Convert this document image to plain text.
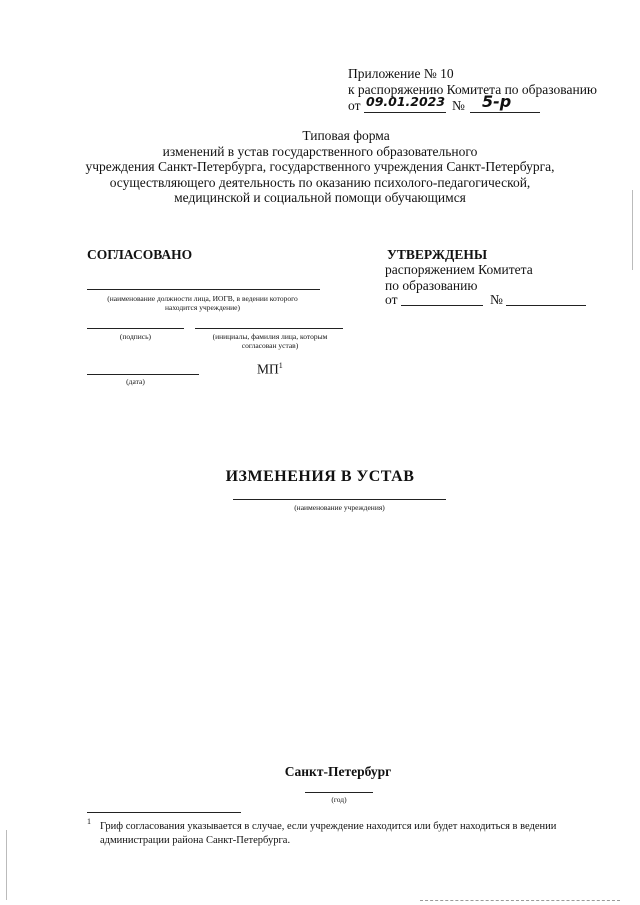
Приложение № 10
к распоряжению Комитета по образованию
от 09.01.2023 № 5-р
Типовая форма
изменений в устав государственного образовательного
учреждения Санкт-Петербурга, государственного учреждения Санкт-Петербурга,
осуществляющего деятельность по оказанию психолого-педагогической,
медицинской и социальной помощи обучающимся
СОГЛАСОВАНО
(наименование должности лица, ИОГВ, в ведении которого
находится учреждение)
(подпись)	(инициалы, фамилия лица, которым
согласован устав)
$МП^1$
(дата)
УТВЕРЖДЕНЫ
распоряжением Комитета
по образованию
от	№
ИЗМЕНЕНИЯ В УСТАВ
(наименование учреждения)
Санкт-Петербург
(год)
1 Гриф согласования указывается в случае, если учреждение находится или будет находиться в ведении
администрации района Санкт-Петербурга.
